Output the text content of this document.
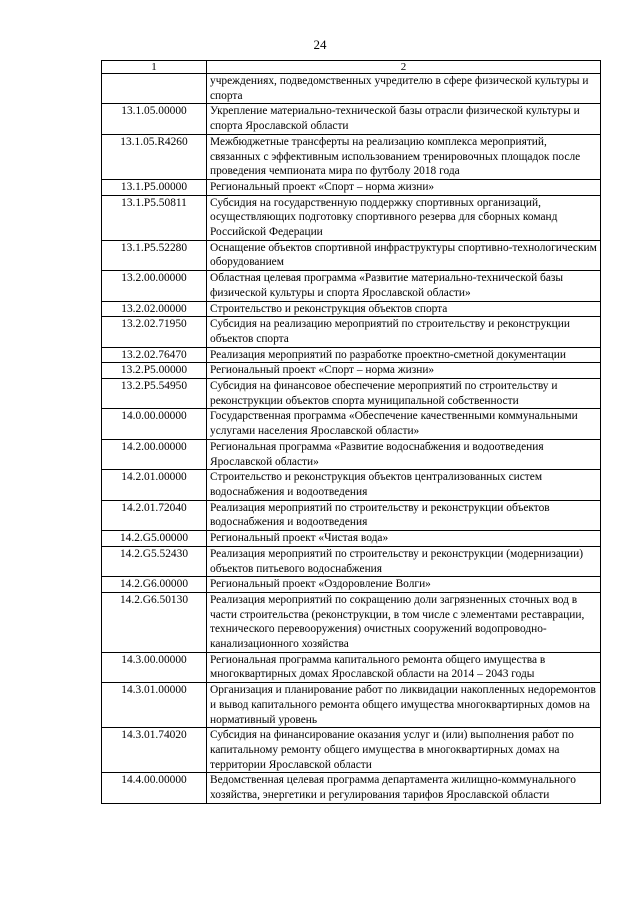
24
1	2
	учреждениях, подведомственных учредителю в сфере физической культуры и спорта
13.1.05.00000	Укрепление материально-технической базы отрасли физической культуры и спорта Ярославской области
13.1.05.R4260	Межбюджетные трансферты на реализацию комплекса мероприятий, связанных с эффективным использованием тренировочных площадок после проведения чемпионата мира по футболу 2018 года
13.1.P5.00000	Региональный проект «Спорт – норма жизни»
13.1.P5.50811	Субсидия на государственную поддержку спортивных организаций, осуществляющих подготовку спортивного резерва для сборных команд Российской Федерации
13.1.P5.52280	Оснащение объектов спортивной инфраструктуры спортивно-технологическим оборудованием
13.2.00.00000	Областная целевая программа «Развитие материально-технической базы физической культуры и спорта Ярославской области»
13.2.02.00000	Строительство и реконструкция объектов спорта
13.2.02.71950	Субсидия на реализацию мероприятий по строительству и реконструкции объектов спорта
13.2.02.76470	Реализация мероприятий по разработке проектно-сметной документации
13.2.P5.00000	Региональный проект «Спорт – норма жизни»
13.2.P5.54950	Субсидия на финансовое обеспечение мероприятий по строительству и реконструкции объектов спорта муниципальной собственности
14.0.00.00000	Государственная программа «Обеспечение качественными коммунальными услугами населения Ярославской области»
14.2.00.00000	Региональная программа «Развитие водоснабжения и водоотведения Ярославской области»
14.2.01.00000	Строительство и реконструкция объектов централизованных систем водоснабжения и водоотведения
14.2.01.72040	Реализация мероприятий по строительству и реконструкции объектов водоснабжения и водоотведения
14.2.G5.00000	Региональный проект «Чистая вода»
14.2.G5.52430	Реализация мероприятий по строительству и реконструкции (модернизации) объектов питьевого водоснабжения
14.2.G6.00000	Региональный проект «Оздоровление Волги»
14.2.G6.50130	Реализация мероприятий по сокращению доли загрязненных сточных вод в части строительства (реконструкции, в том числе с элементами реставрации, технического перевооружения) очистных сооружений водопроводно-канализационного хозяйства
14.3.00.00000	Региональная программа капитального ремонта общего имущества в многоквартирных домах Ярославской области на 2014 – 2043 годы
14.3.01.00000	Организация и планирование работ по ликвидации накопленных недоремонтов и вывод капитального ремонта общего имущества многоквартирных домов на нормативный уровень
14.3.01.74020	Субсидия на финансирование оказания услуг и (или) выполнения работ по капитальному ремонту общего имущества в многоквартирных домах на территории Ярославской области
14.4.00.00000	Ведомственная целевая программа департамента жилищно-коммунального хозяйства, энергетики и регулирования тарифов Ярославской области
